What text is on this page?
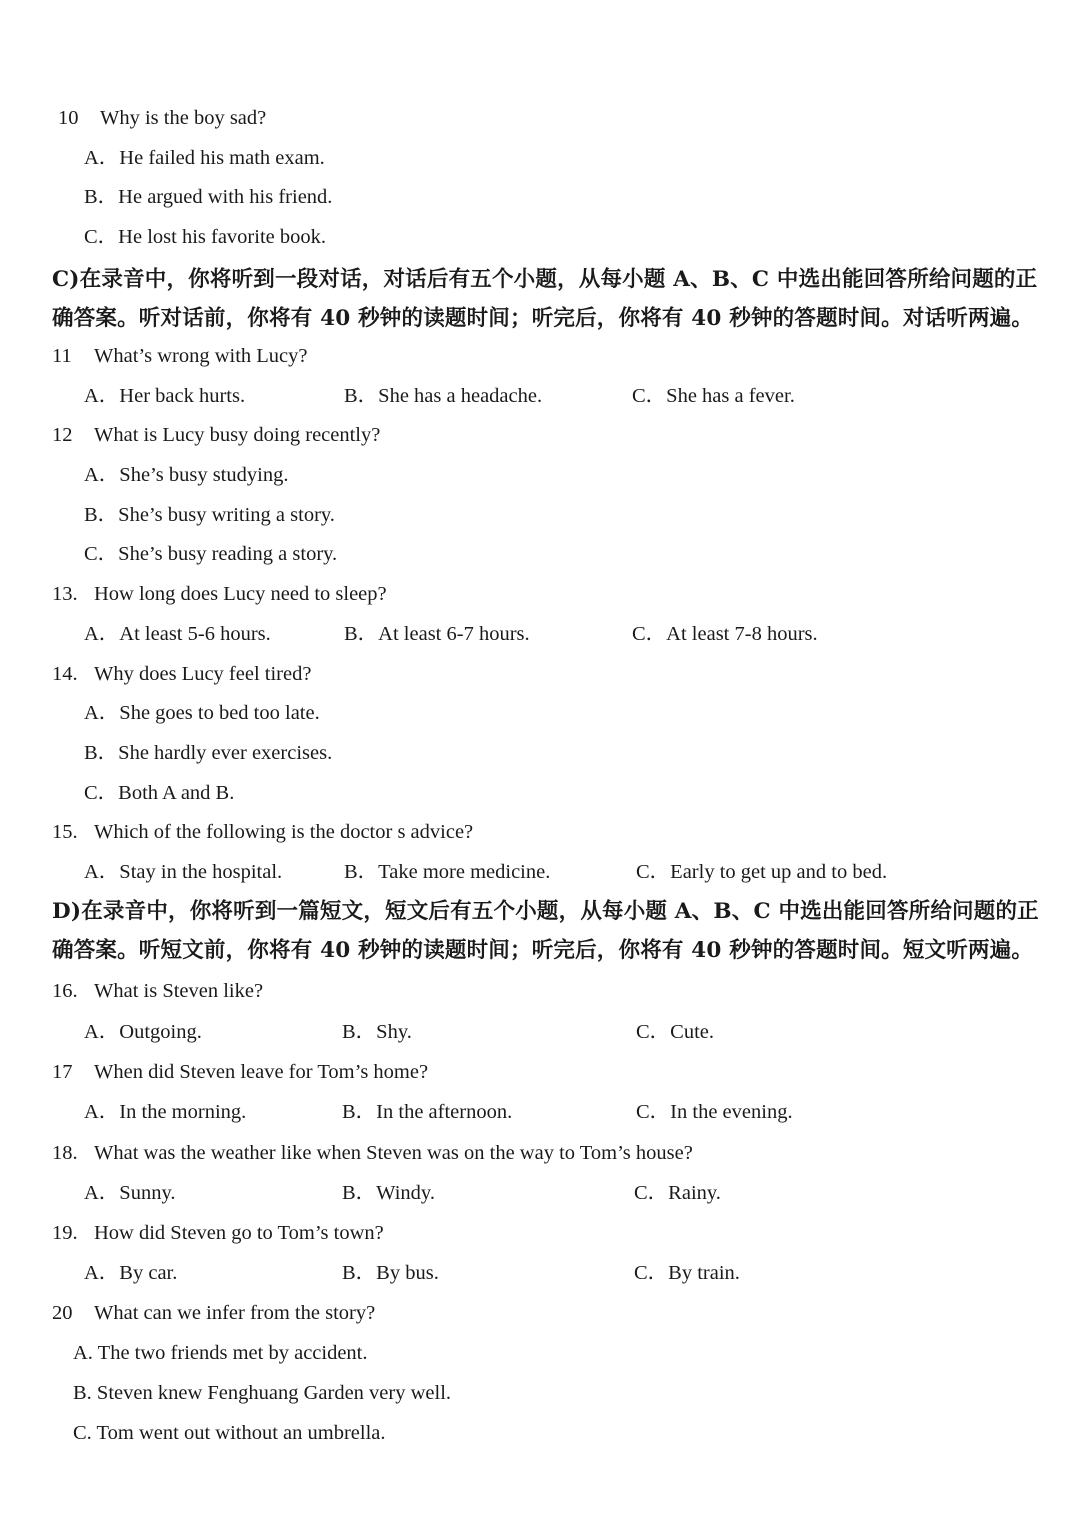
10 Why is the boy sad?
A．He failed his math exam.
B．He argued with his friend.
C．He lost his favorite book.
C)在录音中，你将听到一段对话，对话后有五个小题，从每小题 A、B、C 中选出能回答所给问题的正确答案。听对话前，你将有 40 秒钟的读题时间；听完后，你将有 40 秒钟的答题时间。对话听两遍。
11 What’s wrong with Lucy?
A．Her back hurts.	B．She has a headache.	C．She has a fever.
12 What is Lucy busy doing recently?
A．She’s busy studying.
B．She’s busy writing a story.
C．She’s busy reading a story.
13. How long does Lucy need to sleep?
A．At least 5-6 hours.	B．At least 6-7 hours.	C．At least 7-8 hours.
14. Why does Lucy feel tired?
A．She goes to bed too late.
B．She hardly ever exercises.
C．Both A and B.
15. Which of the following is the doctor s advice?
A．Stay in the hospital.	B．Take more medicine.	C．Early to get up and to bed.
D)在录音中，你将听到一篇短文，短文后有五个小题，从每小题 A、B、C 中选出能回答所给问题的正确答案。听短文前，你将有 40 秒钟的读题时间；听完后，你将有 40 秒钟的答题时间。短文听两遍。
16. What is Steven like?
A．Outgoing.	B．Shy.	C．Cute.
17 When did Steven leave for Tom’s home?
A．In the morning.	B．In the afternoon.	C．In the evening.
18. What was the weather like when Steven was on the way to Tom’s house?
A．Sunny.	B．Windy.	C．Rainy.
19. How did Steven go to Tom’s town?
A．By car.	B．By bus.	C．By train.
20 What can we infer from the story?
A. The two friends met by accident.
B. Steven knew Fenghuang Garden very well.
C. Tom went out without an umbrella.
